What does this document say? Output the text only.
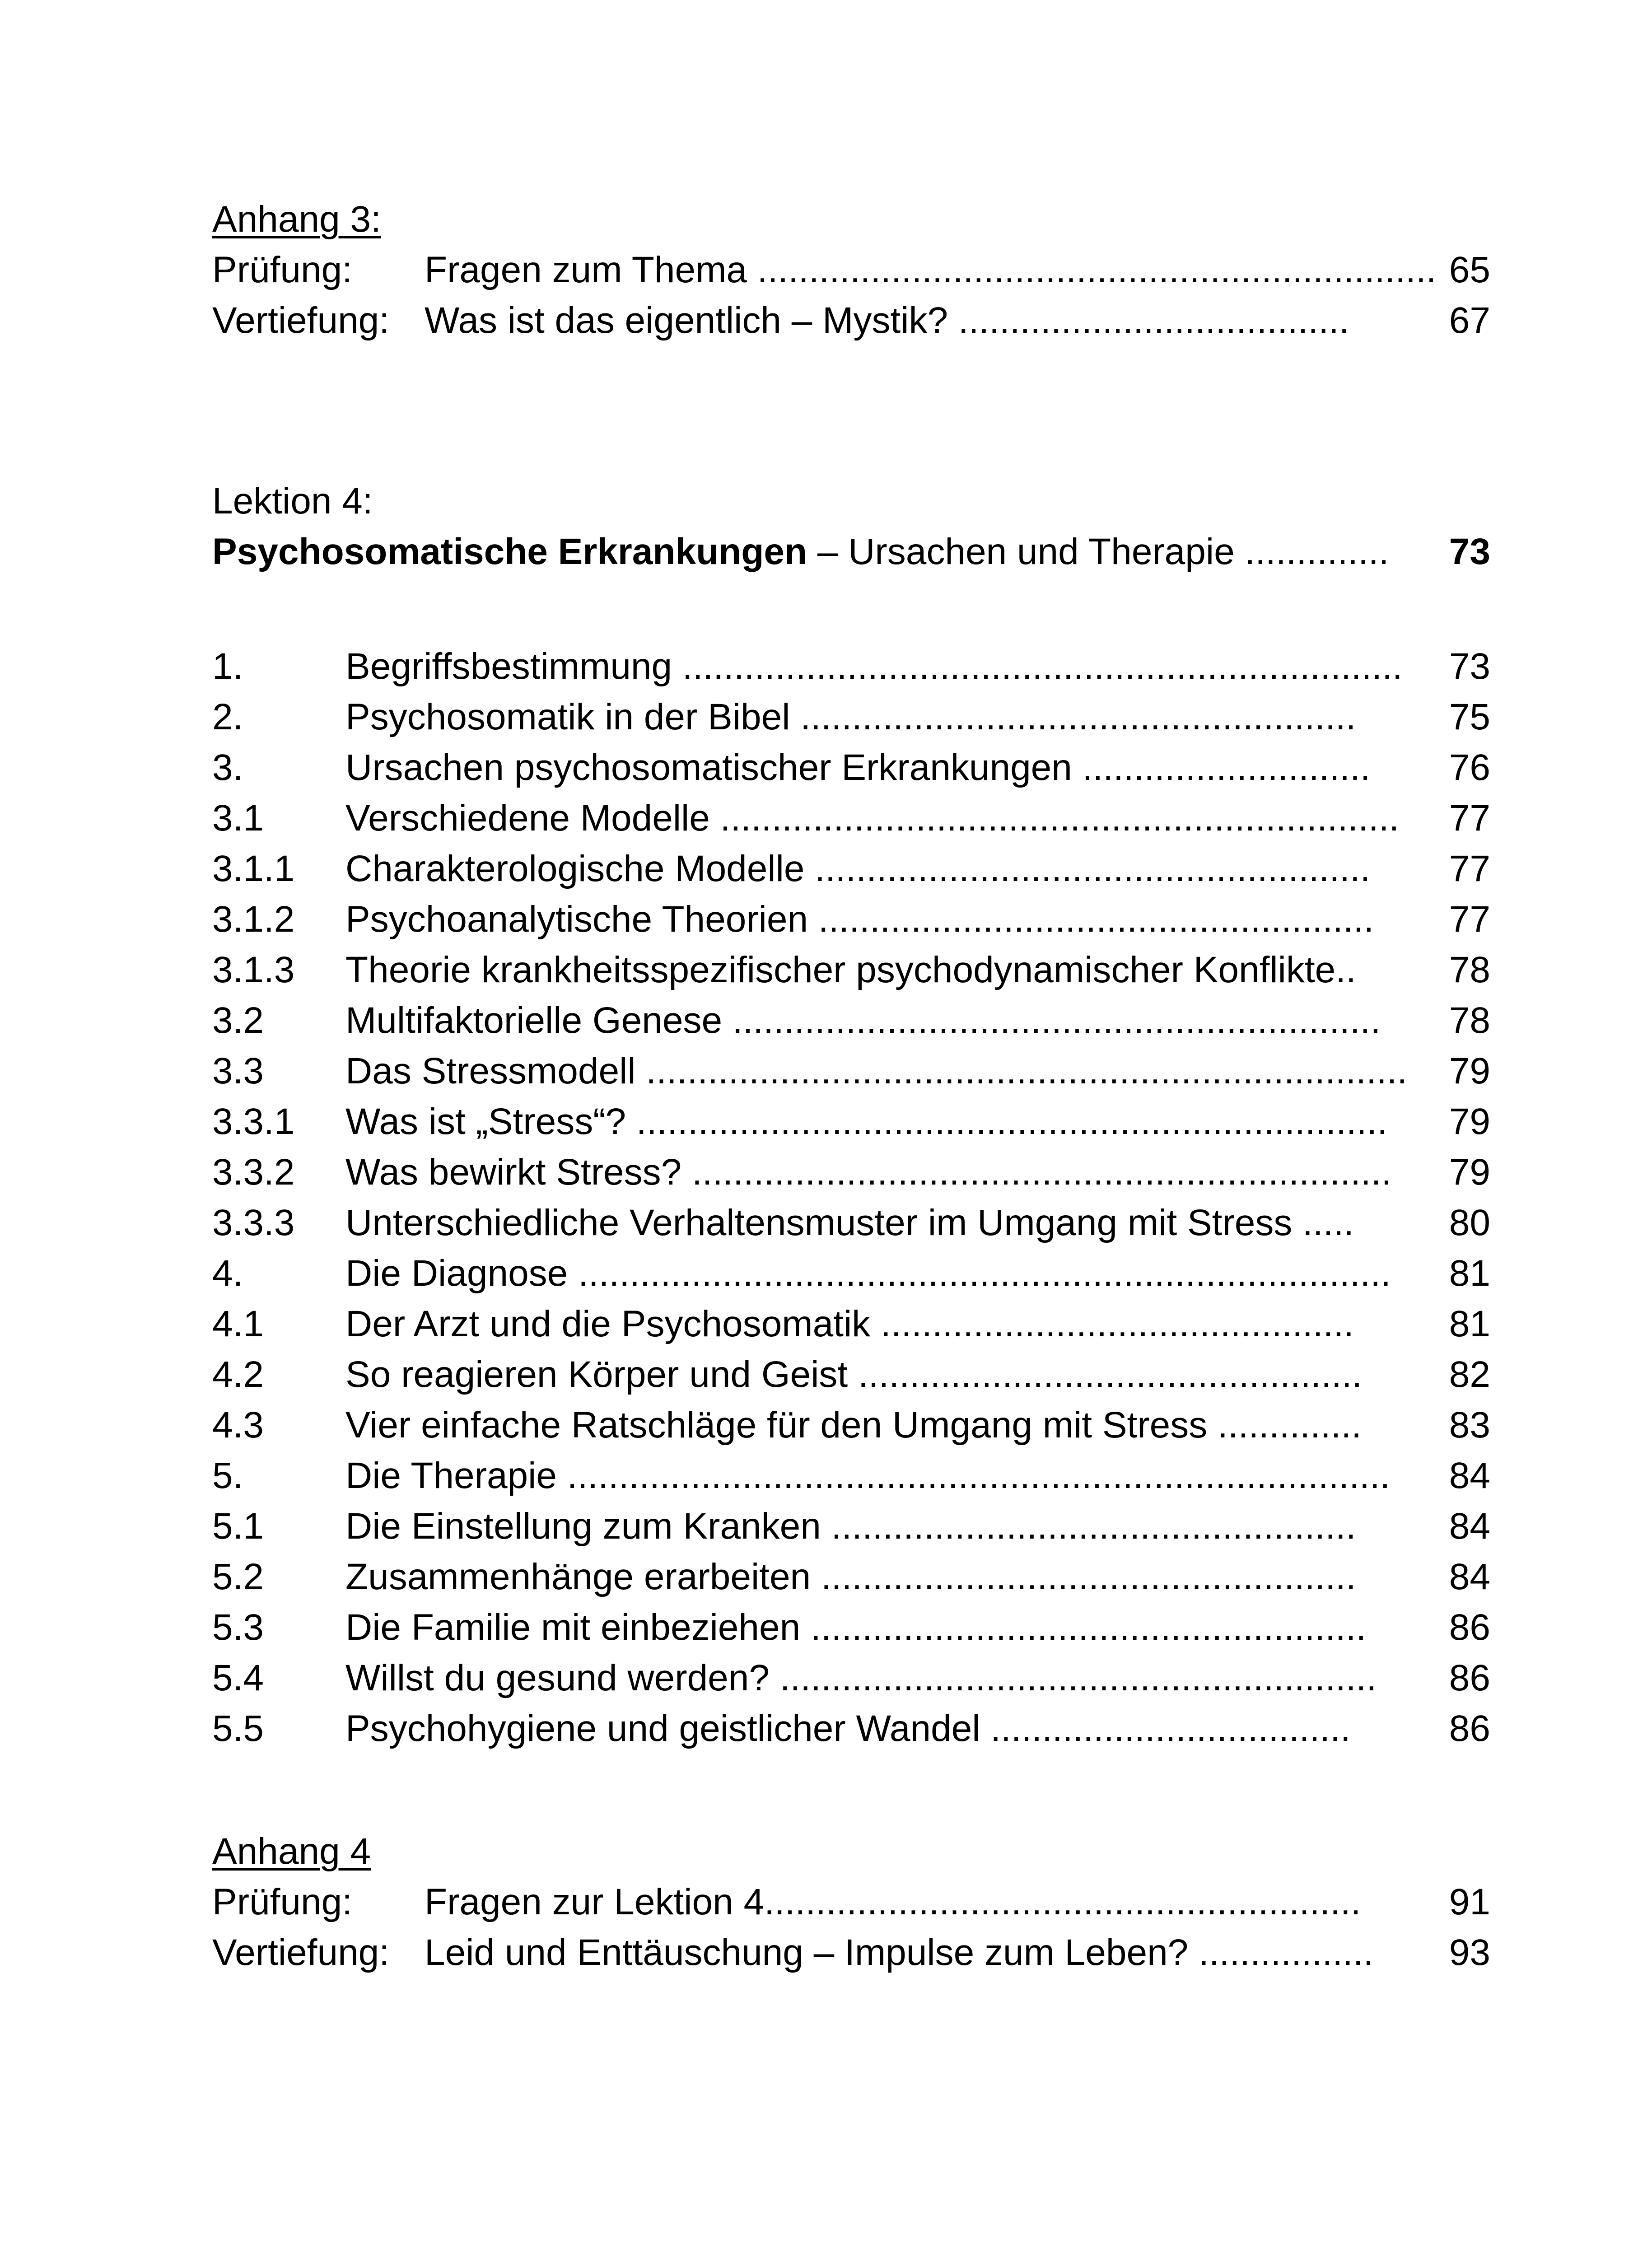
Anhang 3:
Prüfung: Fragen zum Thema .................................................................. 65
Vertiefung: Was ist das eigentlich – Mystik? ......................................	67
Lektion 4:
Psychosomatische Erkrankungen – Ursachen und Therapie ..............	73
1.	Begriffsbestimmung ......................................................................	73
2.	Psychosomatik in der Bibel ......................................................	75
3.	Ursachen psychosomatischer Erkrankungen ............................	76
3.1 Verschiedene Modelle ..................................................................	77
3.1.1 Charakterologische Modelle ......................................................	77
3.1.2 Psychoanalytische Theorien ......................................................	77
3.1.3 Theorie krankheitsspezifischer psychodynamischer Konflikte..	78
3.2 Multifaktorielle Genese ...............................................................	78
3.3 Das Stressmodell ..........................................................................	79
3.3.1 Was ist „Stress“? .........................................................................	79
3.3.2 Was bewirkt Stress? ....................................................................	79
3.3.3 Unterschiedliche Verhaltensmuster im Umgang mit Stress .....	80
4.	Die Diagnose ...............................................................................	81
4.1 Der Arzt und die Psychosomatik ..............................................	81
4.2 So reagieren Körper und Geist .................................................	82
4.3 Vier einfache Ratschläge für den Umgang mit Stress ..............	83
5.	Die Therapie ................................................................................	84
5.1 Die Einstellung zum Kranken ...................................................	84
5.2 Zusammenhänge erarbeiten ....................................................	84
5.3 Die Familie mit einbeziehen ......................................................	86
5.4 Willst du gesund werden? ..........................................................	86
5.5 Psychohygiene und geistlicher Wandel ...................................	86
Anhang 4
Prüfung: Fragen zur Lektion 4..........................................................	91
Vertiefung: Leid und Enttäuschung – Impulse zum Leben? .................	93
